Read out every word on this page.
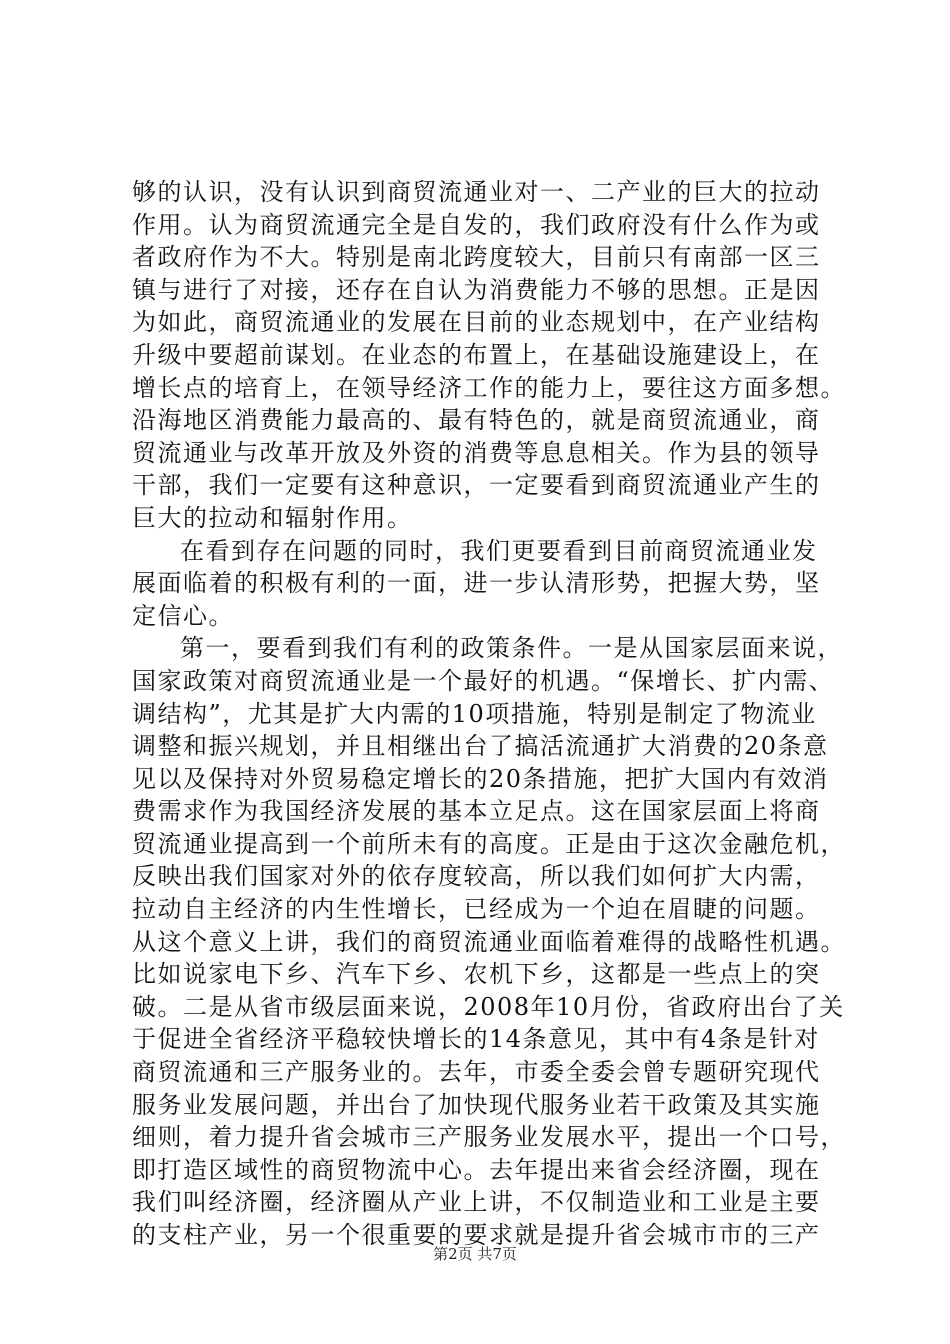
够的认识，没有认识到商贸流通业对一、二产业的巨大的拉动
作用。认为商贸流通完全是自发的，我们政府没有什么作为或
者政府作为不大。特别是南北跨度较大，目前只有南部一区三
镇与进行了对接，还存在自认为消费能力不够的思想。正是因
为如此，商贸流通业的发展在目前的业态规划中，在产业结构
升级中要超前谋划。在业态的布置上，在基础设施建设上，在
增长点的培育上，在领导经济工作的能力上，要往这方面多想。
沿海地区消费能力最高的、最有特色的，就是商贸流通业，商
贸流通业与改革开放及外资的消费等息息相关。作为县的领导
干部，我们一定要有这种意识，一定要看到商贸流通业产生的
巨大的拉动和辐射作用。
在看到存在问题的同时，我们更要看到目前商贸流通业发
展面临着的积极有利的一面，进一步认清形势，把握大势，坚
定信心。
第一，要看到我们有利的政策条件。一是从国家层面来说，
国家政策对商贸流通业是一个最好的机遇。“保增长、扩内需、
调结构”，尤其是扩大内需的10项措施，特别是制定了物流业
调整和振兴规划，并且相继出台了搞活流通扩大消费的20条意
见以及保持对外贸易稳定增长的20条措施，把扩大国内有效消
费需求作为我国经济发展的基本立足点。这在国家层面上将商
贸流通业提高到一个前所未有的高度。正是由于这次金融危机，
反映出我们国家对外的依存度较高，所以我们如何扩大内需，
拉动自主经济的内生性增长，已经成为一个迫在眉睫的问题。
从这个意义上讲，我们的商贸流通业面临着难得的战略性机遇。
比如说家电下乡、汽车下乡、农机下乡，这都是一些点上的突
破。二是从省市级层面来说，2008年10月份，省政府出台了关
于促进全省经济平稳较快增长的14条意见，其中有4条是针对
商贸流通和三产服务业的。去年，市委全委会曾专题研究现代
服务业发展问题，并出台了加快现代服务业若干政策及其实施
细则，着力提升省会城市三产服务业发展水平，提出一个口号，
即打造区域性的商贸物流中心。去年提出来省会经济圈，现在
我们叫经济圈，经济圈从产业上讲，不仅制造业和工业是主要
的支柱产业，另一个很重要的要求就是提升省会城市市的三产
第2页 共7页
